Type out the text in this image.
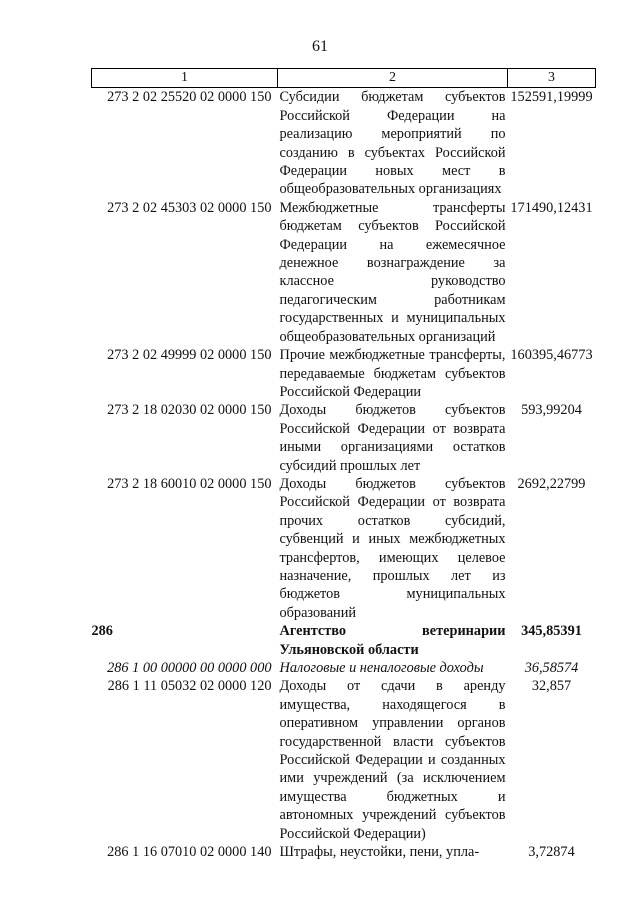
61
1	2	3
273 2 02 25520 02 0000 150	Субсидии бюджетам субъектов Российской Федерации на реализацию мероприятий по созданию в субъектах Российской Федерации новых мест в общеобразовательных организациях	152591,19999
273 2 02 45303 02 0000 150	Межбюджетные трансферты бюджетам субъектов Российской Федерации на ежемесячное денежное вознаграждение за классное руководство педагогическим работникам государственных и муниципальных общеобразовательных организаций	171490,12431
273 2 02 49999 02 0000 150	Прочие межбюджетные трансферты, передаваемые бюджетам субъектов Российской Федерации	160395,46773
273 2 18 02030 02 0000 150	Доходы бюджетов субъектов Российской Федерации от возврата иными организациями остатков субсидий прошлых лет	593,99204
273 2 18 60010 02 0000 150	Доходы бюджетов субъектов Российской Федерации от возврата прочих остатков субсидий, субвенций и иных межбюджетных трансфертов, имеющих целевое назначение, прошлых лет из бюджетов муниципальных образований	2692,22799
286	Агентство ветеринарии Ульяновской области	345,85391
286 1 00 00000 00 0000 000	Налоговые и неналоговые доходы	36,58574
286 1 11 05032 02 0000 120	Доходы от сдачи в аренду имущества, находящегося в оперативном управлении органов государственной власти субъектов Российской Федерации и созданных ими учреждений (за исключением имущества бюджетных и автономных учреждений субъектов Российской Федерации)	32,857
286 1 16 07010 02 0000 140	Штрафы, неустойки, пени, упла-	3,72874
